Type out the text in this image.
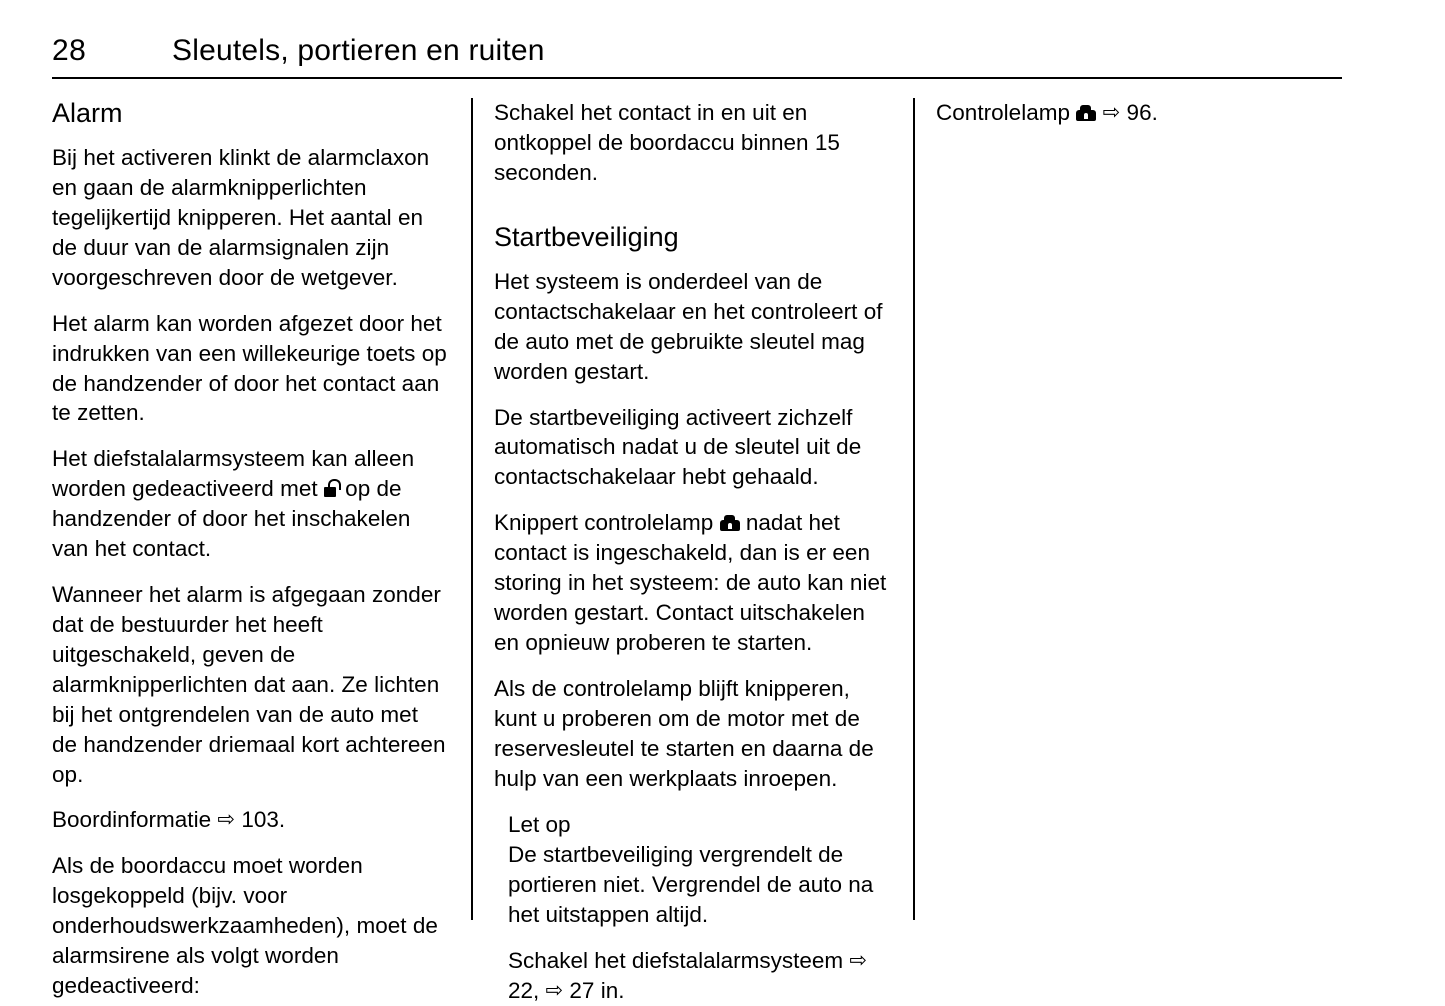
28	Sleutels, portieren en ruiten
Alarm

Bij het activeren klinkt de alarmclaxon en gaan de alarmknipperlichten tegelijkertijd knipperen. Het aantal en de duur van de alarmsignalen zijn voorgeschreven door de wetgever.

Het alarm kan worden afgezet door het indrukken van een willekeurige toets op de handzender of door het contact aan te zetten.

Het diefstalalarmsysteem kan alleen worden gedeactiveerd met
op de handzender of door het inschakelen van het contact.

Wanneer het alarm is afgegaan zonder dat de bestuurder het heeft uitgeschakeld, geven de alarmknipperlichten dat aan. Ze lichten bij het ontgrendelen van de auto met de handzender driemaal kort achtereen op.

Boordinformatie ⇨ 103.

Als de boordaccu moet worden losgekoppeld (bijv. voor onderhoudswerkzaamheden), moet de alarmsirene als volgt worden gedeactiveerd:

Schakel het contact in en uit en ontkoppel de boordaccu binnen 15 seconden.

Startbeveiliging

Het systeem is onderdeel van de contactschakelaar en het controleert of de auto met de gebruikte sleutel mag worden gestart.

De startbeveiliging activeert zichzelf automatisch nadat u de sleutel uit de contactschakelaar hebt gehaald.

Knippert controlelamp
nadat het contact is ingeschakeld, dan is er een storing in het systeem: de auto kan niet worden gestart. Contact uitschakelen en opnieuw proberen te starten.

Als de controlelamp blijft knipperen, kunt u proberen om de motor met de reservesleutel te starten en daarna de hulp van een werkplaats inroepen.

Let op

De startbeveiliging vergrendelt de portieren niet. Vergrendel de auto na het uitstappen altijd.

Schakel het diefstalalarmsysteem ⇨ 22, ⇨ 27 in.

Controlelamp ⇨ 96.
